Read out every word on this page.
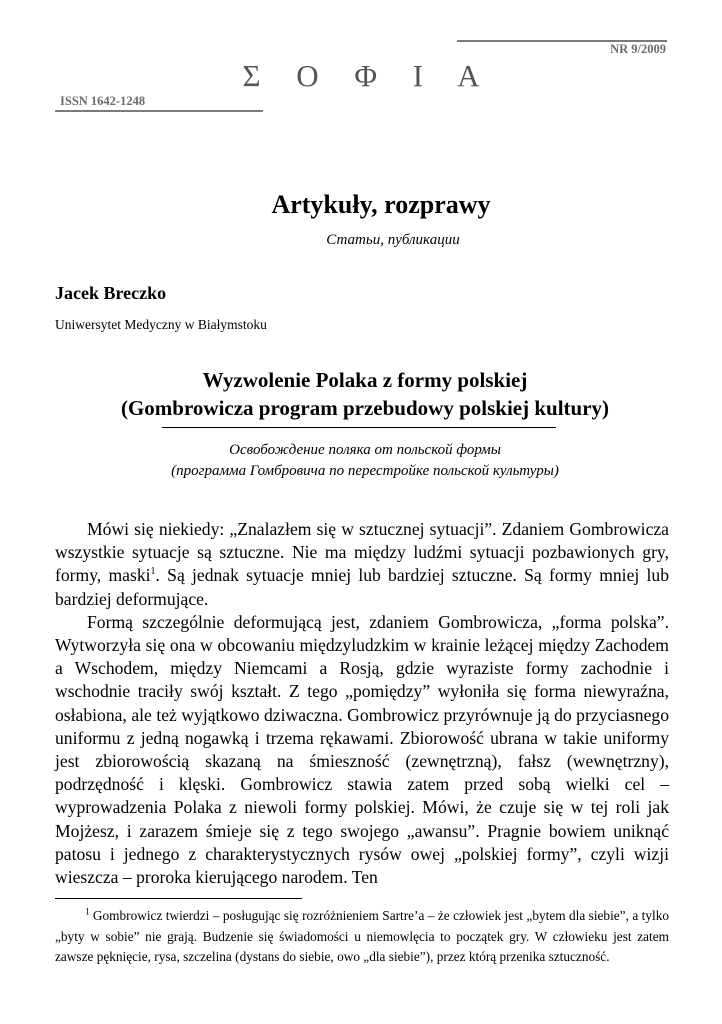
NR 9/2009
Σ Ο Φ Ι Α
ISSN 1642-1248
Artykuły, rozprawy
Статьи, публикации
Jacek Breczko
Uniwersytet Medyczny w Białymstoku
Wyzwolenie Polaka z formy polskiej
(Gombrowicza program przebudowy polskiej kultury)
Освобождение поляка от польской формы
(программа Гомбровича по перестройке польской культуры)

Mówi się niekiedy: „Znalazłem się w sztucznej sytuacji”. Zdaniem Gombrowicza wszystkie sytuacje są sztuczne. Nie ma między ludźmi sytuacji pozbawionych gry, formy, maski$^1$. Są jednak sytuacje mniej lub bardziej sztuczne. Są formy mniej lub bardziej deformujące.

Formą szczególnie deformującą jest, zdaniem Gombrowicza, „forma polska”. Wytworzyła się ona w obcowaniu międzyludzkim w krainie leżącej między Zachodem a Wschodem, między Niemcami a Rosją, gdzie wyraziste formy zachodnie i wschodnie traciły swój kształt. Z tego „pomiędzy” wyłoniła się forma niewyraźna, osłabiona, ale też wyjątkowo dziwaczna. Gombrowicz przyrównuje ją do przyciasnego uniformu z jedną nogawką i trzema rękawami. Zbiorowość ubrana w takie uniformy jest zbiorowością skazaną na śmieszność (zewnętrzną), fałsz (wewnętrzny), podrzędność i klęski. Gombrowicz stawia zatem przed sobą wielki cel – wyprowadzenia Polaka z niewoli formy polskiej. Mówi, że czuje się w tej roli jak Mojżesz, i zarazem śmieje się z tego swojego „awansu”. Pragnie bowiem uniknąć patosu i jednego z charakterystycznych rysów owej „polskiej formy”, czyli wizji wieszcza – proroka kierującego narodem. Ten

$^1$ Gombrowicz twierdzi – posługując się rozróżnieniem Sartre’a – że człowiek jest „bytem dla siebie”, a tylko „byty w sobie” nie grają. Budzenie się świadomości u niemowlęcia to początek gry. W człowieku jest zatem zawsze pęknięcie, rysa, szczelina (dystans do siebie, owo „dla siebie”), przez którą przenika sztuczność.
